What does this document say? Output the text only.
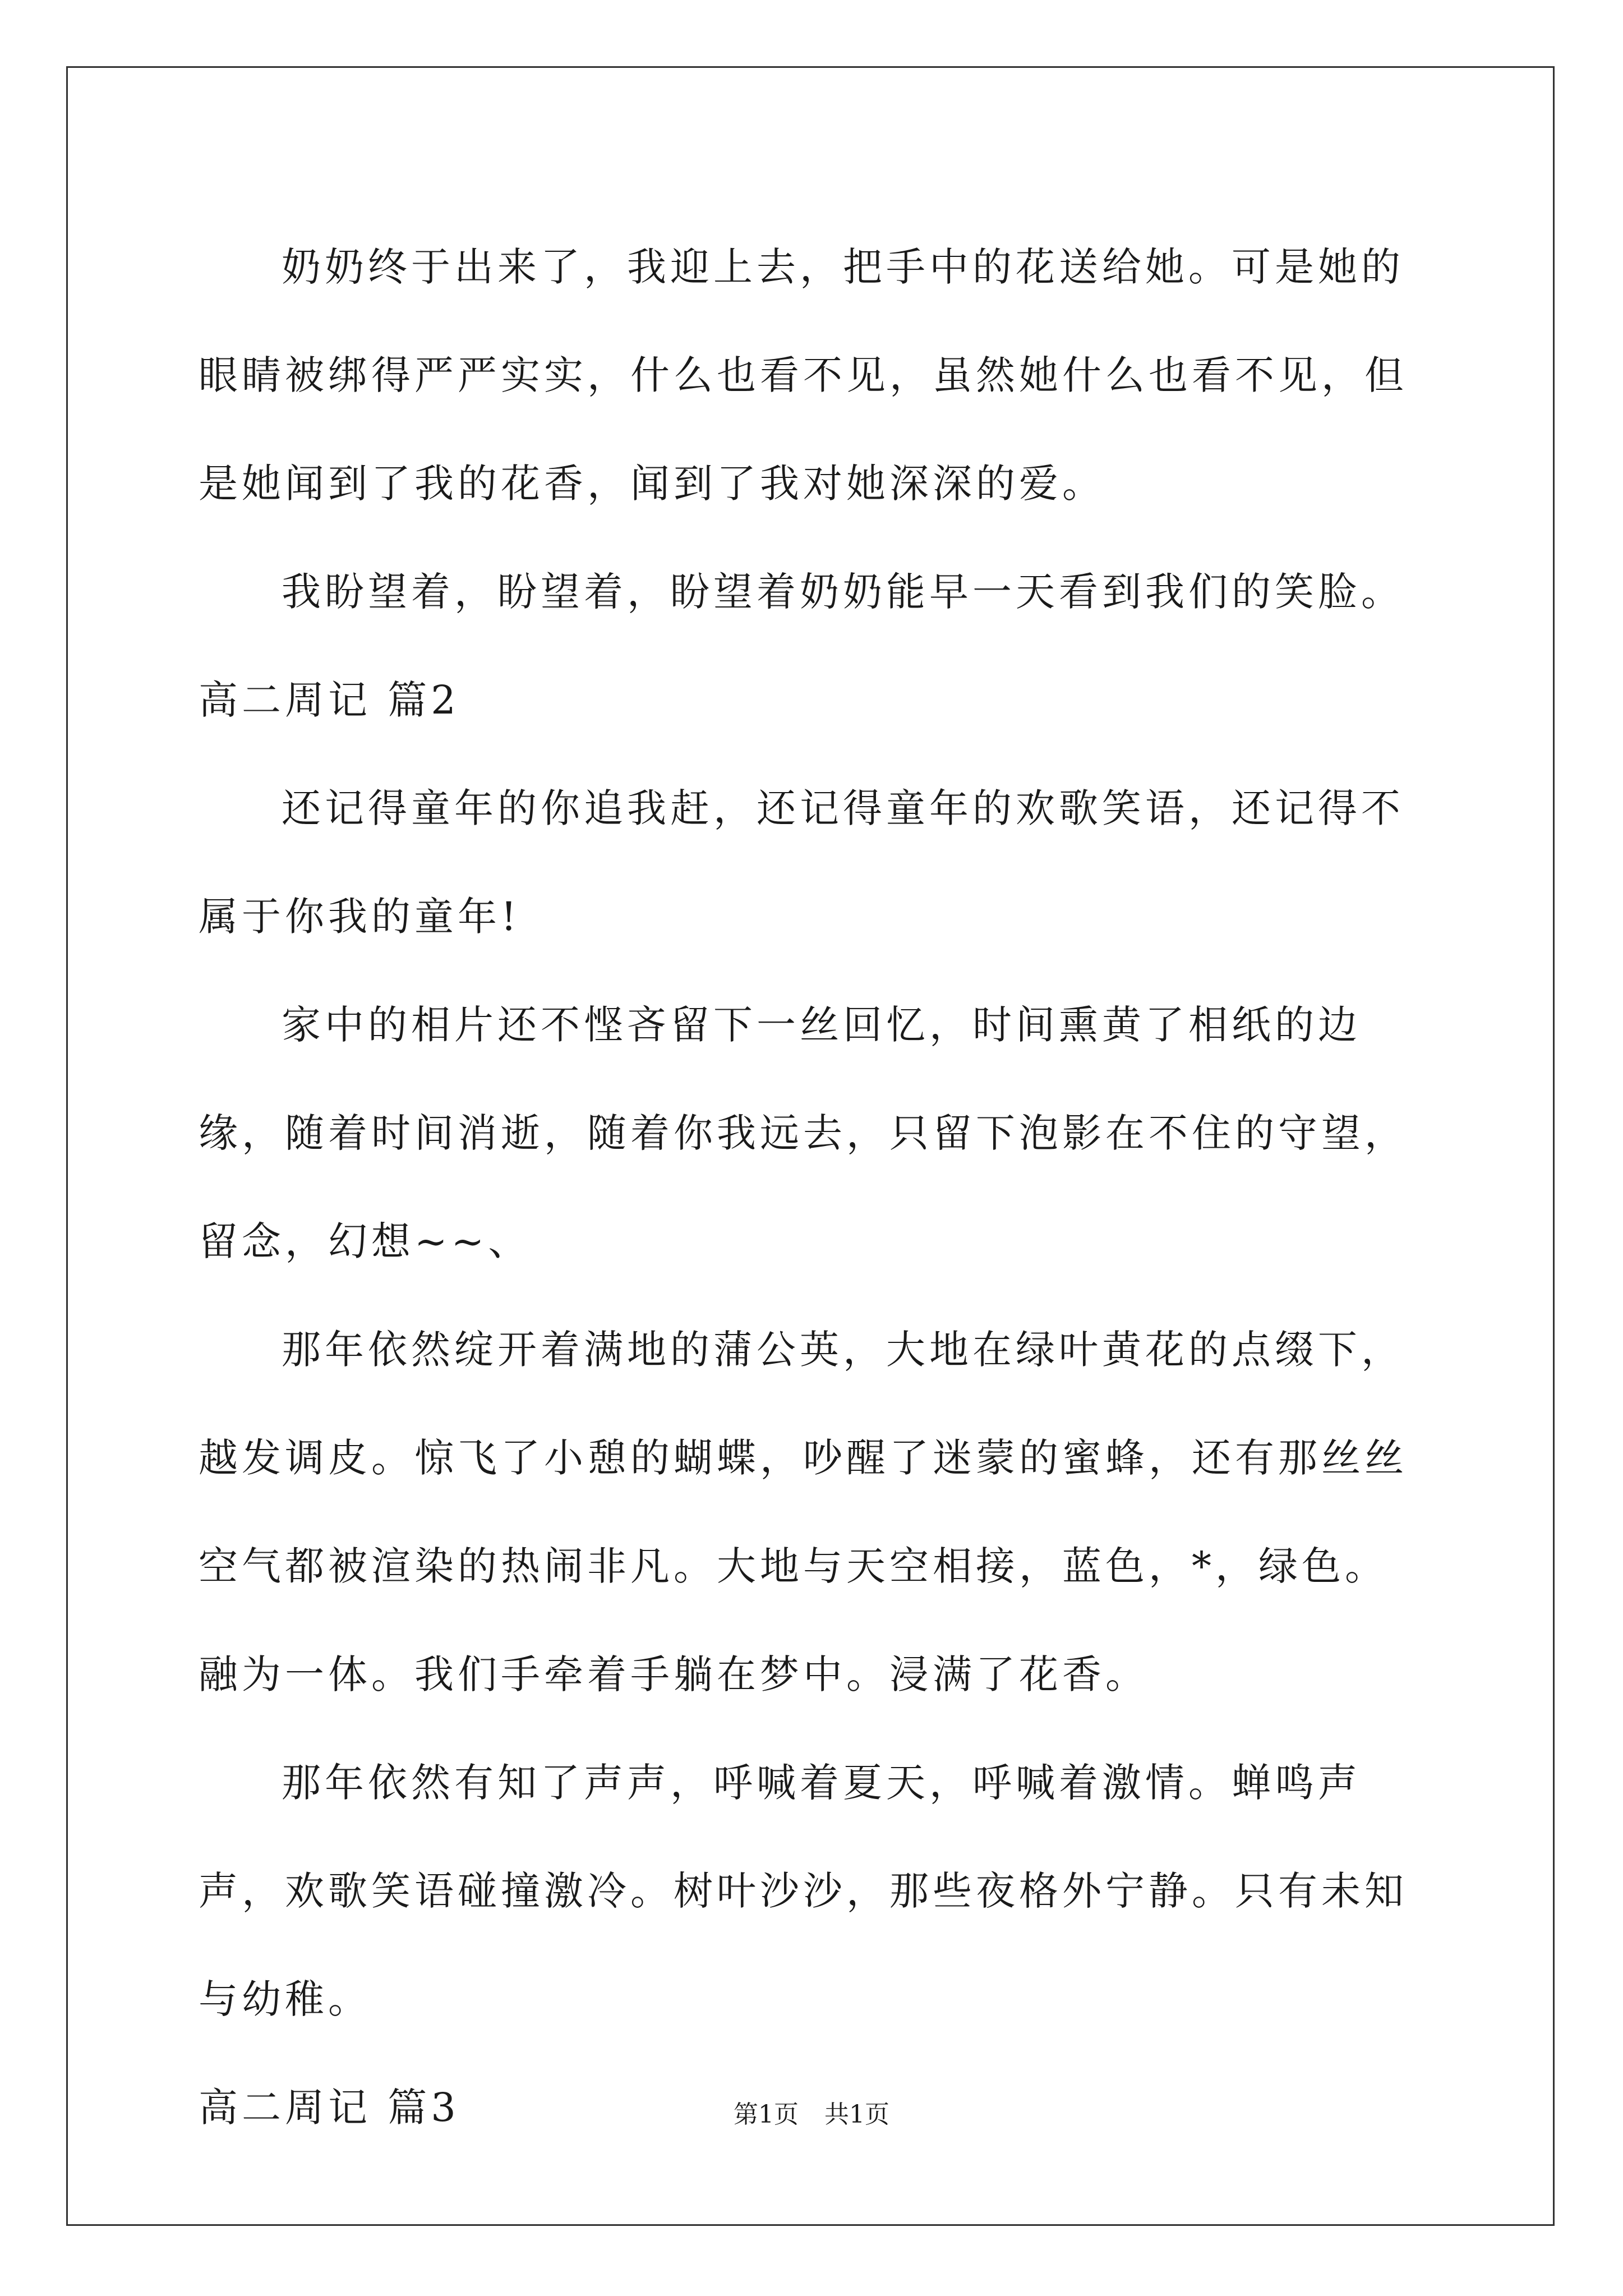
奶奶终于出来了，我迎上去，把手中的花送给她。可是她的眼睛被绑得严严实实，什么也看不见，虽然她什么也看不见，但是她闻到了我的花香，闻到了我对她深深的爱。

我盼望着，盼望着，盼望着奶奶能早一天看到我们的笑脸。

高二周记 篇2

还记得童年的你追我赶，还记得童年的欢歌笑语，还记得不属于你我的童年!

家中的相片还不悭吝留下一丝回忆，时间熏黄了相纸的边缘，随着时间消逝，随着你我远去，只留下泡影在不住的守望，留念，幻想~~、

那年依然绽开着满地的蒲公英，大地在绿叶黄花的点缀下，越发调皮。惊飞了小憩的蝴蝶，吵醒了迷蒙的蜜蜂，还有那丝丝空气都被渲染的热闹非凡。大地与天空相接，蓝色，*，绿色。融为一体。我们手牵着手躺在梦中。浸满了花香。

那年依然有知了声声，呼喊着夏天，呼喊着激情。蝉鸣声声，欢歌笑语碰撞激冷。树叶沙沙，那些夜格外宁静。只有未知与幼稚。

高二周记 篇3	第1页 共1页
